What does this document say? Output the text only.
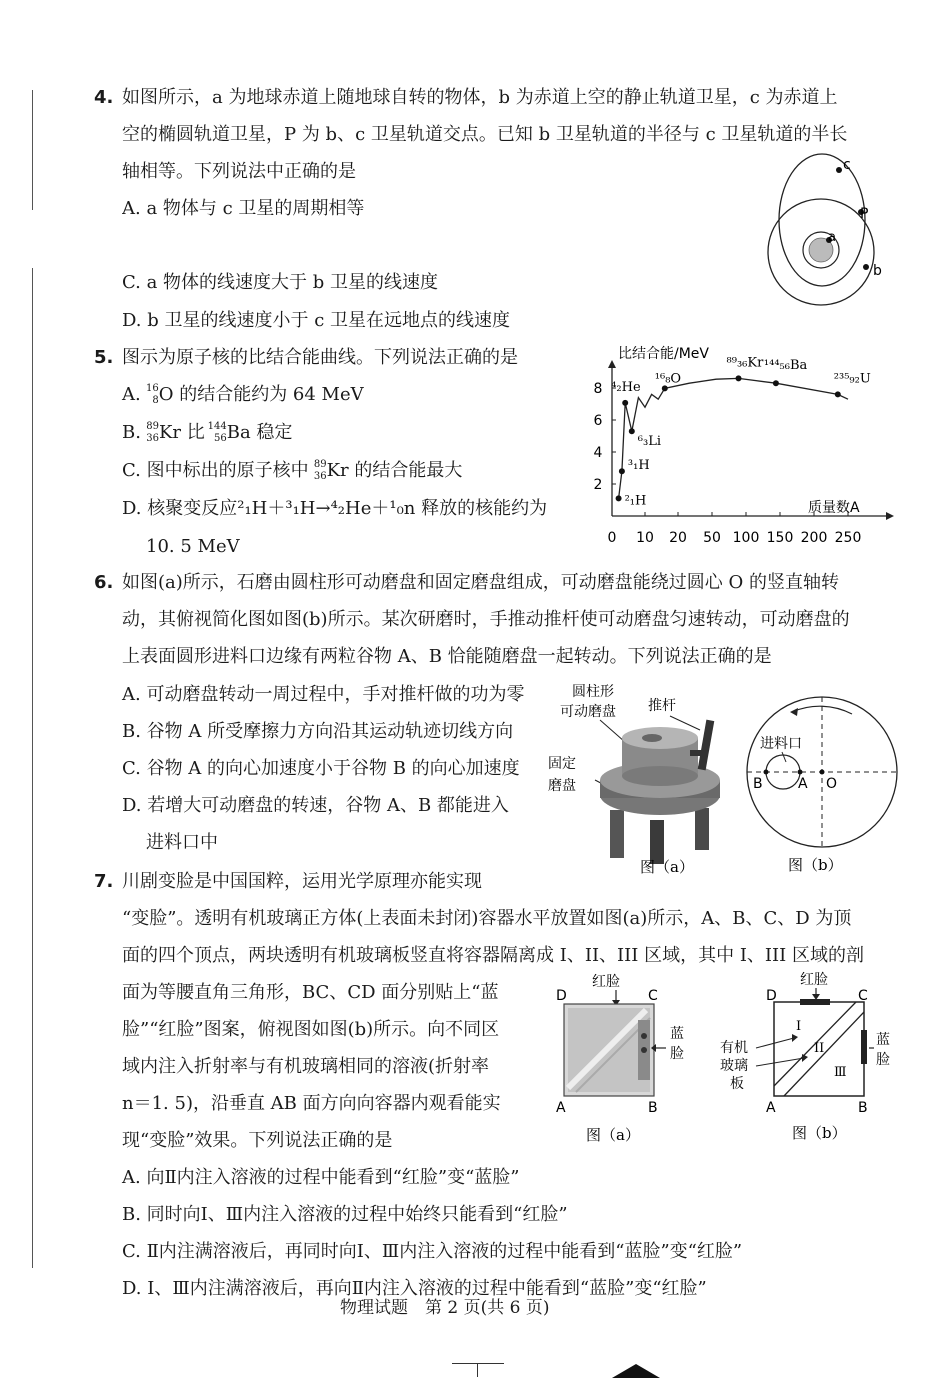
4. 如图所示，a 为地球赤道上随地球自转的物体，b 为赤道上空的静止轨道卫星，c 为赤道上
空的椭圆轨道卫星，P 为 b、c 卫星轨道交点。已知 b 卫星轨道的半径与 c 卫星轨道的半长
轴相等。下列说法中正确的是
A. a 物体与 c 卫星的周期相等
C. a 物体的线速度大于 b 卫星的线速度
D. b 卫星的线速度小于 c 卫星在远地点的线速度
c
P
a
b
5. 图示为原子核的比结合能曲线。下列说法正确的是
A. 16
8 O 的结合能约为 64 MeV
B. 89
36 Kr 比 144
56 Ba 稳定
C. 图中标出的原子核中 89
36 Kr 的结合能最大
D. 核聚变反应²₁H＋³₁H→⁴₂He＋¹₀n 释放的核能约为
10. 5 MeV
比结合能/MeV
质量数A
0 10 20 50 100 150 200 250
2
4
6
8
²₁H
³₁H
⁴₂He
⁶₃Li
¹⁶₈O
⁸⁹₃₆Kr ¹⁴⁴₅₆Ba
²³⁵₉₂U
6. 如图(a)所示，石磨由圆柱形可动磨盘和固定磨盘组成，可动磨盘能绕过圆心 O 的竖直轴转
动，其俯视简化图如图(b)所示。某次研磨时，手推动推杆使可动磨盘匀速转动，可动磨盘的
上表面圆形进料口边缘有两粒谷物 A、B 恰能随磨盘一起转动。下列说法正确的是
A. 可动磨盘转动一周过程中，手对推杆做的功为零
B. 谷物 A 所受摩擦力方向沿其运动轨迹切线方向
C. 谷物 A 的向心加速度小于谷物 B 的向心加速度
D. 若增大可动磨盘的转速，谷物 A、B 都能进入
进料口中
圆柱形
可动磨盘 推杆
固定
磨盘
图（a）
进料口
B	A O
图（b）
7. 川剧变脸是中国国粹，运用光学原理亦能实现
“变脸”。透明有机玻璃正方体(上表面未封闭)容器水平放置如图(a)所示，A、B、C、D 为顶
面的四个顶点，两块透明有机玻璃板竖直将容器隔离成 I、II、III 区域，其中 I、III 区域的剖
面为等腰直角三角形，BC、CD 面分别贴上“蓝
脸”“红脸”图案，俯视图如图(b)所示。向不同区
域内注入折射率与有机玻璃相同的溶液(折射率
n＝1. 5)，沿垂直 AB 面方向向容器内观看能实
现“变脸”效果。下列说法正确的是
A. 向Ⅱ内注入溶液的过程中能看到“红脸”变“蓝脸”
B. 同时向Ⅰ、Ⅲ内注入溶液的过程中始终只能看到“红脸”
C. Ⅱ内注满溶液后，再同时向Ⅰ、Ⅲ内注入溶液的过程中能看到“蓝脸”变“红脸”
D. Ⅰ、Ⅲ内注满溶液后，再向Ⅱ内注入溶液的过程中能看到“蓝脸”变“红脸”
红脸
D	C
蓝
脸
A	B
图（a）
红脸
D	C
I
II
Ⅲ
蓝
脸
有机
玻璃
板
A	B
图（b）
物理试题　第 2 页(共 6 页)
